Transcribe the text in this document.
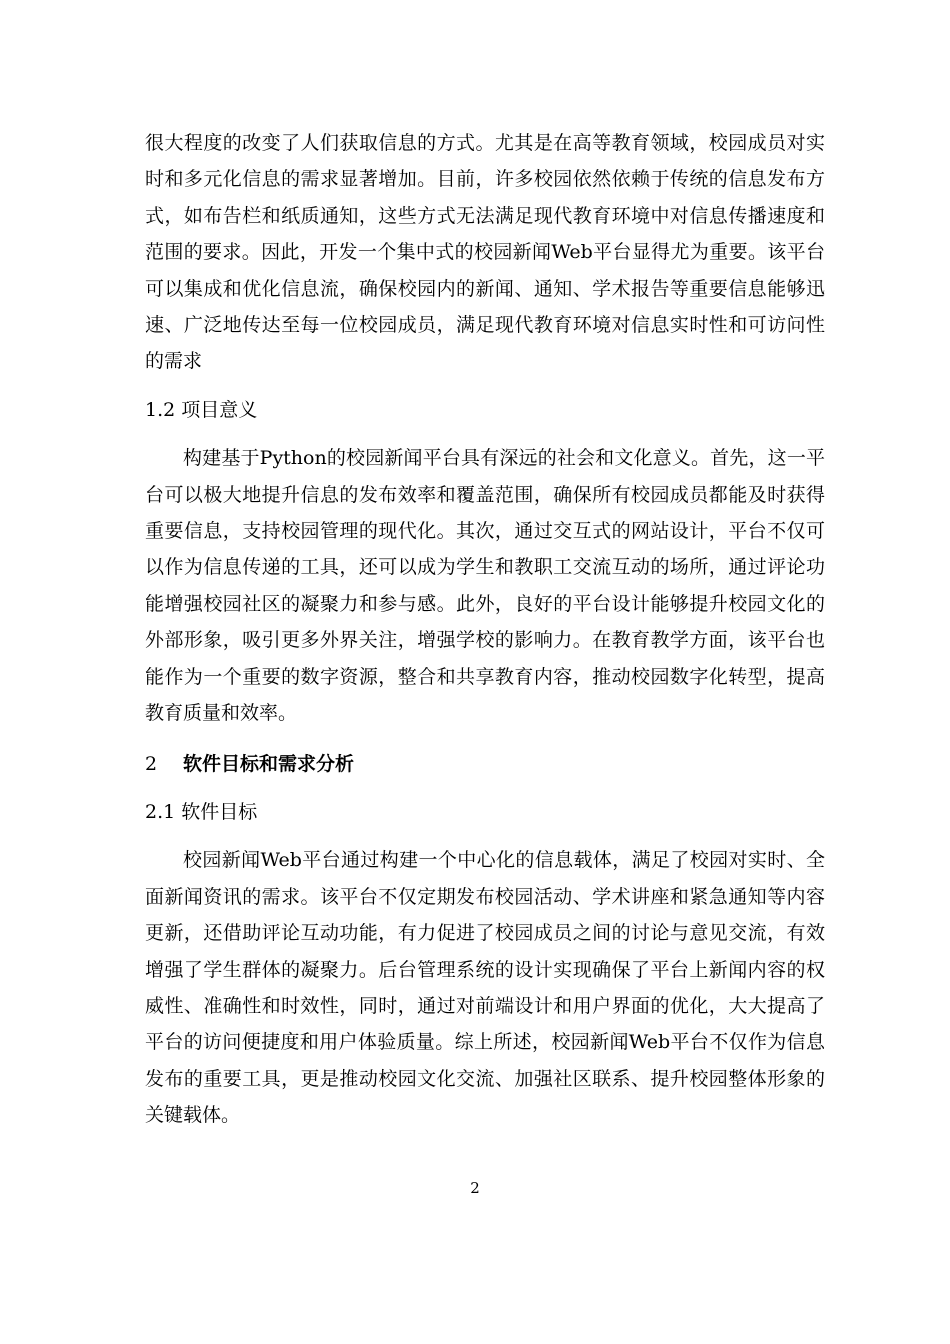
很大程度的改变了人们获取信息的方式。尤其是在高等教育领域，校园成员对实时和多元化信息的需求显著增加。目前，许多校园依然依赖于传统的信息发布方式，如布告栏和纸质通知，这些方式无法满足现代教育环境中对信息传播速度和范围的要求。因此，开发一个集中式的校园新闻Web平台显得尤为重要。该平台可以集成和优化信息流，确保校园内的新闻、通知、学术报告等重要信息能够迅速、广泛地传达至每一位校园成员，满足现代教育环境对信息实时性和可访问性的需求

1.2 项目意义

构建基于Python的校园新闻平台具有深远的社会和文化意义。首先，这一平台可以极大地提升信息的发布效率和覆盖范围，确保所有校园成员都能及时获得重要信息，支持校园管理的现代化。其次，通过交互式的网站设计，平台不仅可以作为信息传递的工具，还可以成为学生和教职工交流互动的场所，通过评论功能增强校园社区的凝聚力和参与感。此外，良好的平台设计能够提升校园文化的外部形象，吸引更多外界关注，增强学校的影响力。在教育教学方面，该平台也能作为一个重要的数字资源，整合和共享教育内容，推动校园数字化转型，提高教育质量和效率。

2 软件目标和需求分析

2.1 软件目标

校园新闻Web平台通过构建一个中心化的信息载体，满足了校园对实时、全面新闻资讯的需求。该平台不仅定期发布校园活动、学术讲座和紧急通知等内容更新，还借助评论互动功能，有力促进了校园成员之间的讨论与意见交流，有效增强了学生群体的凝聚力。后台管理系统的设计实现确保了平台上新闻内容的权威性、准确性和时效性，同时，通过对前端设计和用户界面的优化，大大提高了平台的访问便捷度和用户体验质量。综上所述，校园新闻Web平台不仅作为信息发布的重要工具，更是推动校园文化交流、加强社区联系、提升校园整体形象的关键载体。

2
